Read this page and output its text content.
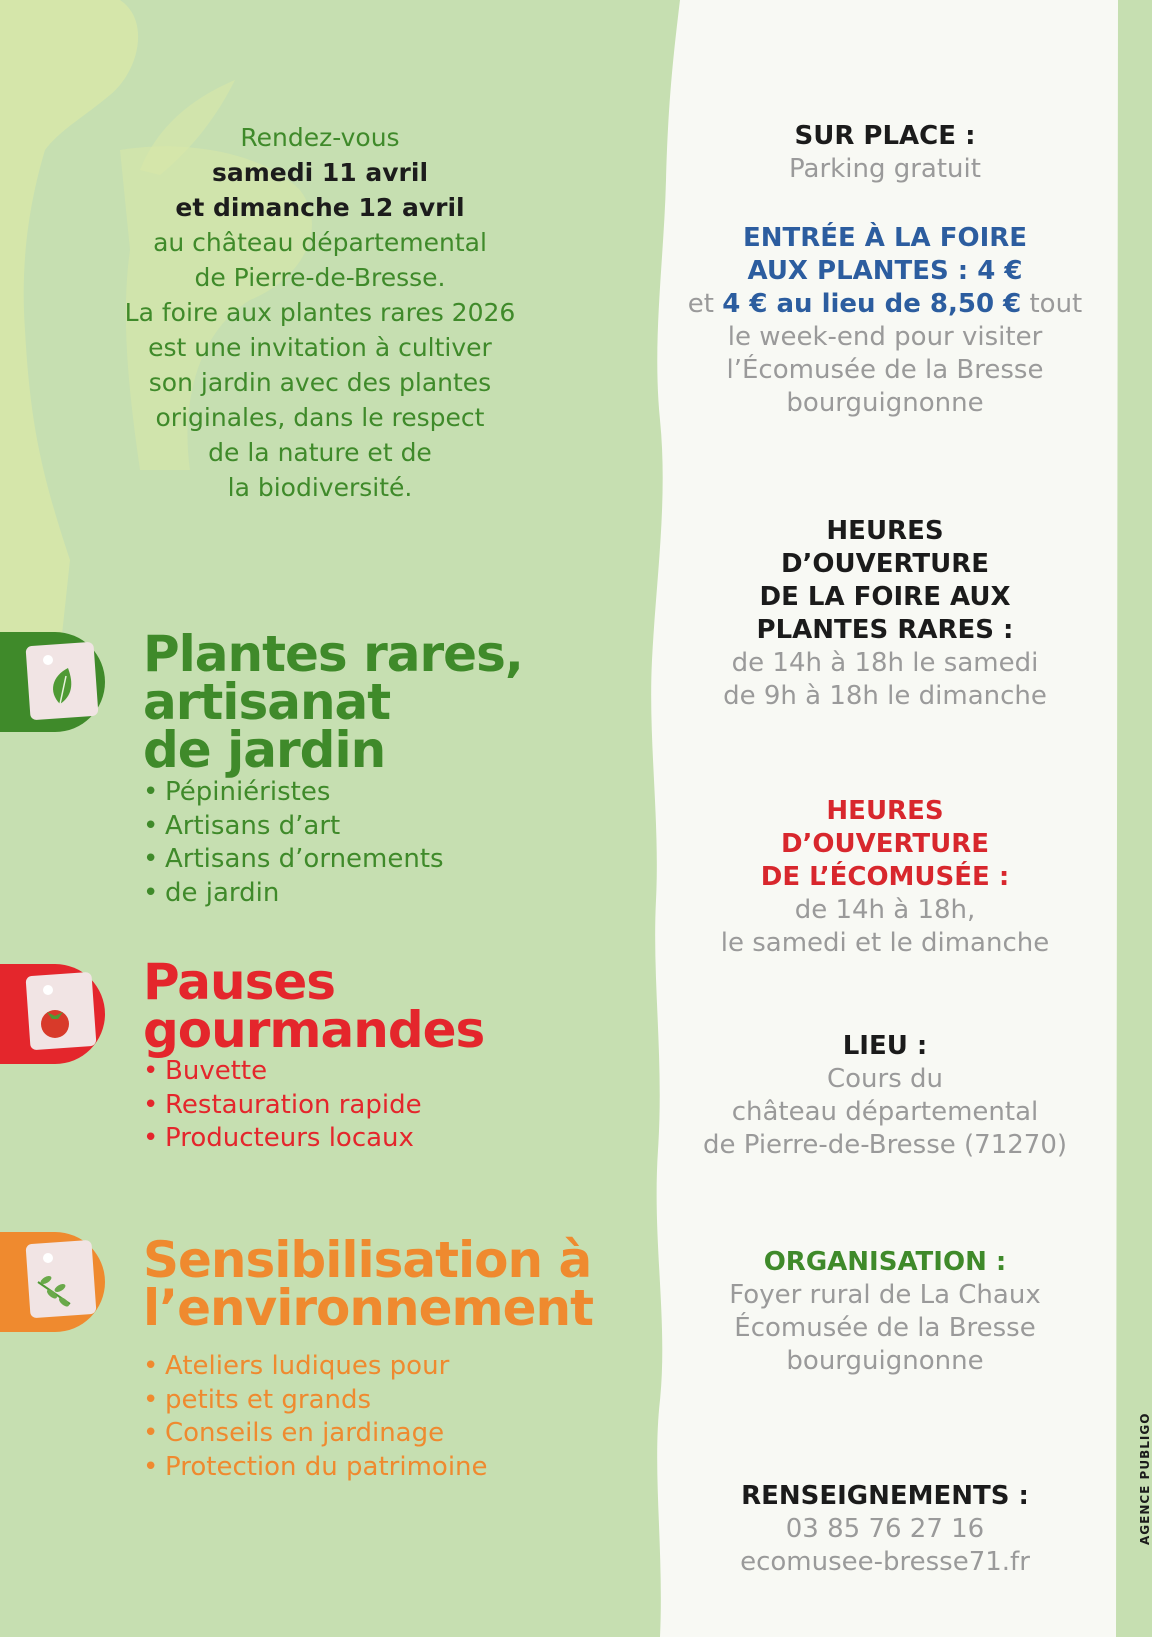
Rendez-vous
samedi 11 avril
et dimanche 12 avril
au château départemental
de Pierre-de-Bresse.
La foire aux plantes rares 2026
est une invitation à cultiver
son jardin avec des plantes
originales, dans le respect
de la nature et de
la biodiversité.
Plantes rares,
artisanat
de jardin
• Pépiniéristes
• Artisans d’art
• Artisans d’ornements
• de jardin
Pauses
gourmandes
• Buvette
• Restauration rapide
• Producteurs locaux
Sensibilisation à
l’environnement
• Ateliers ludiques pour
• petits et grands
• Conseils en jardinage
• Protection du patrimoine
SUR PLACE :
Parking gratuit
ENTRÉE À LA FOIRE
AUX PLANTES : 4 €
et 4 € au lieu de 8,50 € tout
le week-end pour visiter
l’Écomusée de la Bresse
bourguignonne
HEURES
D’OUVERTURE
DE LA FOIRE AUX
PLANTES RARES :
de 14h à 18h le samedi
de 9h à 18h le dimanche
HEURES
D’OUVERTURE
DE L’ÉCOMUSÉE :
de 14h à 18h,
le samedi et le dimanche
LIEU :
Cours du
château départemental
de Pierre-de-Bresse (71270)
ORGANISATION :
Foyer rural de La Chaux
Écomusée de la Bresse
bourguignonne
RENSEIGNEMENTS :
03 85 76 27 16
ecomusee-bresse71.fr
AGENCE PUBLIGO
